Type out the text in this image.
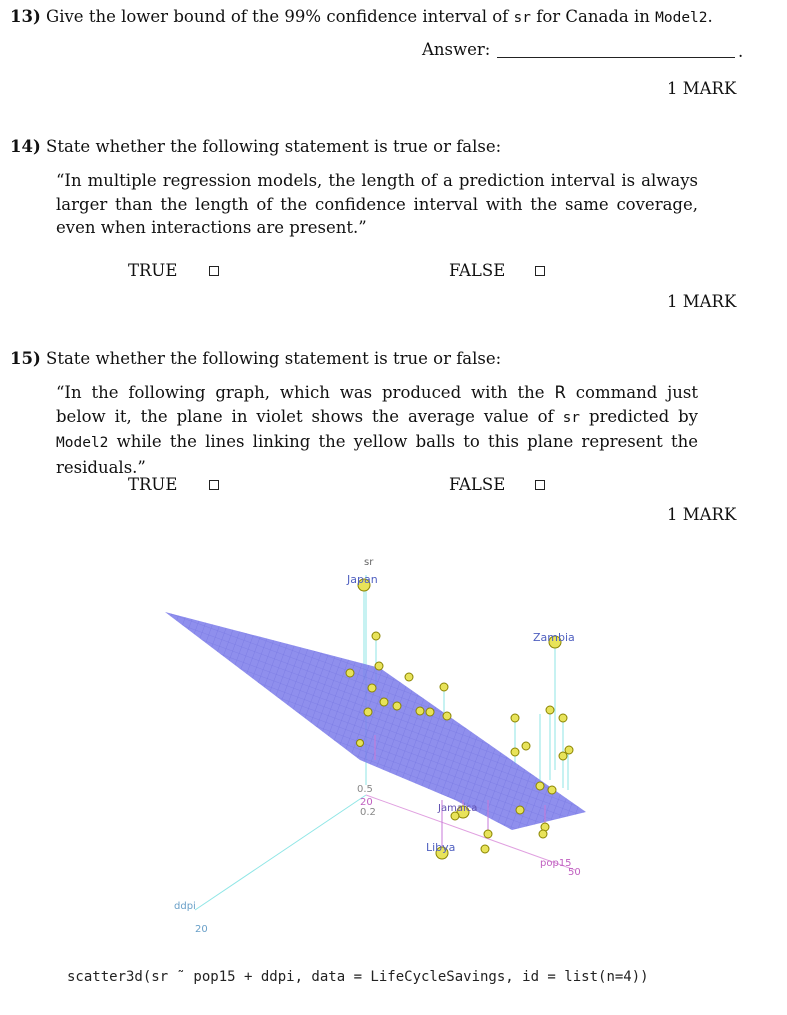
13) Give the lower bound of the 99% confidence interval of sr for Canada in Model2.
Answer:	.
1 MARK
14) State whether the following statement is true or false:
“In multiple regression models, the length of a prediction interval is always larger than the length of the confidence interval with the same coverage, even when interactions are present.”
TRUE	FALSE
1 MARK
15) State whether the following statement is true or false:
“In the following graph, which was produced with the R command just below it, the plane in violet shows the average value of sr predicted by Model2 while the lines linking the yellow balls to this plane represent the residuals.”
TRUE	FALSE
1 MARK
sr
ddpi
20
pop15
50
0.5
20
0.2
Japan
Zambia
Jamaica
Libya
scatter3d(sr ˜ pop15 + ddpi, data = LifeCycleSavings, id = list(n=4))
